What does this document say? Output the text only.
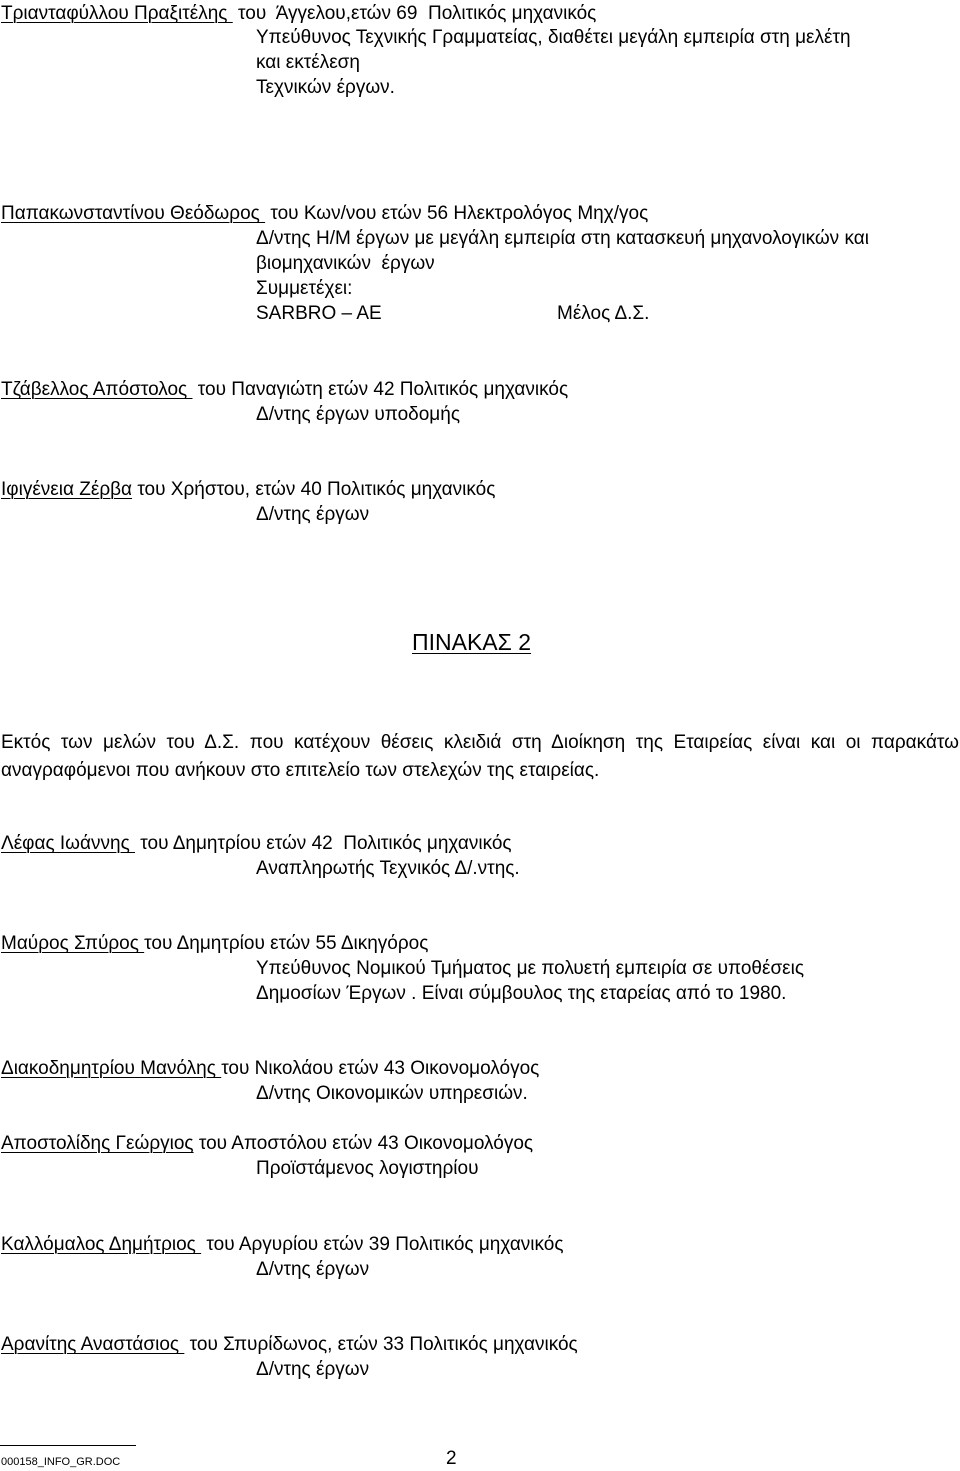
Τριανταφύλλου Πραξιτέλης  του  Άγγελου,ετών 69  Πολιτικός μηχανικός
Υπεύθυνος Τεχνικής Γραμματείας, διαθέτει μεγάλη εμπειρία στη μελέτη
και εκτέλεση
Τεχνικών έργων.
Παπακωνσταντίνου Θεόδωρος  του Κων/νου ετών 56 Ηλεκτρολόγος Μηχ/γος
Δ/ντης Η/Μ έργων με μεγάλη εμπειρία στη κατασκευή μηχανολογικών και
βιομηχανικών  έργων
Συμμετέχει:
SARBRO – AE	Μέλος Δ.Σ.
Τζάβελλος Απόστολος  του Παναγιώτη ετών 42 Πολιτικός μηχανικός
Δ/ντης έργων υποδομής
Ιφιγένεια Ζέρβα του Χρήστου, ετών 40 Πολιτικός μηχανικός
Δ/ντης έργων
ΠΙΝΑΚΑΣ 2
Εκτός των μελών του Δ.Σ. που κατέχουν θέσεις κλειδιά στη Διοίκηση της Εταιρείας είναι και οι παρακάτω αναγραφόμενοι που ανήκουν στο επιτελείο των στελεχών της εταιρείας.
Λέφας Ιωάννης  του Δημητρίου ετών 42  Πολιτικός μηχανικός
Αναπληρωτής Τεχνικός Δ/.ντης.
Μαύρος Σπύρος του Δημητρίου ετών 55 Δικηγόρος
Υπεύθυνος Νομικού Τμήματος με πολυετή εμπειρία σε υποθέσεις
Δημοσίων Έργων . Είναι σύμβουλος της εταρείας από το 1980.
Διακοδημητρίου Μανόλης του Νικολάου ετών 43 Οικονομολόγος
Δ/ντης Οικονομικών υπηρεσιών.
Αποστολίδης Γεώργιος του Αποστόλου ετών 43 Οικονομολόγος
Προϊστάμενος λογιστηρίου
Καλλόμαλος Δημήτριος  του Αργυρίου ετών 39 Πολιτικός μηχανικός
Δ/ντης έργων
Αρανίτης Αναστάσιος  του Σπυρίδωνος, ετών 33 Πολιτικός μηχανικός
Δ/ντης έργων
000158_INFO_GR.DOC	2
